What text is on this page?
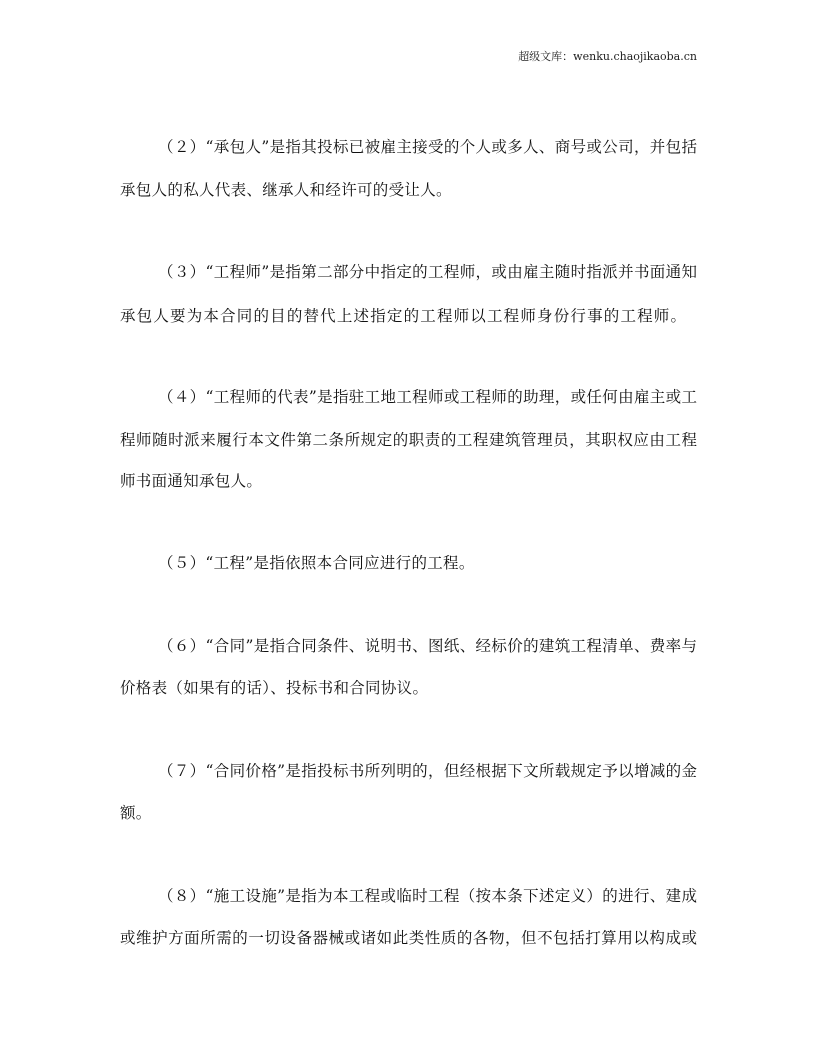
超级文库：wenku.chaojikaoba.cn
（２）“承包人”是指其投标已被雇主接受的个人或多人、商号或公司，并包括
承包人的私人代表、继承人和经许可的受让人。
（３）“工程师”是指第二部分中指定的工程师，或由雇主随时指派并书面通知
承包人要为本合同的目的替代上述指定的工程师以工程师身份行事的工程师。
（４）“工程师的代表”是指驻工地工程师或工程师的助理，或任何由雇主或工
程师随时派来履行本文件第二条所规定的职责的工程建筑管理员，其职权应由工程
师书面通知承包人。
（５）“工程”是指依照本合同应进行的工程。
（６）“合同”是指合同条件、说明书、图纸、经标价的建筑工程清单、费率与
价格表（如果有的话）、投标书和合同协议。
（７）“合同价格”是指投标书所列明的，但经根据下文所载规定予以增减的金
额。
（８）“施工设施”是指为本工程或临时工程（按本条下述定义）的进行、建成
或维护方面所需的一切设备器械或诸如此类性质的各物，但不包括打算用以构成或
